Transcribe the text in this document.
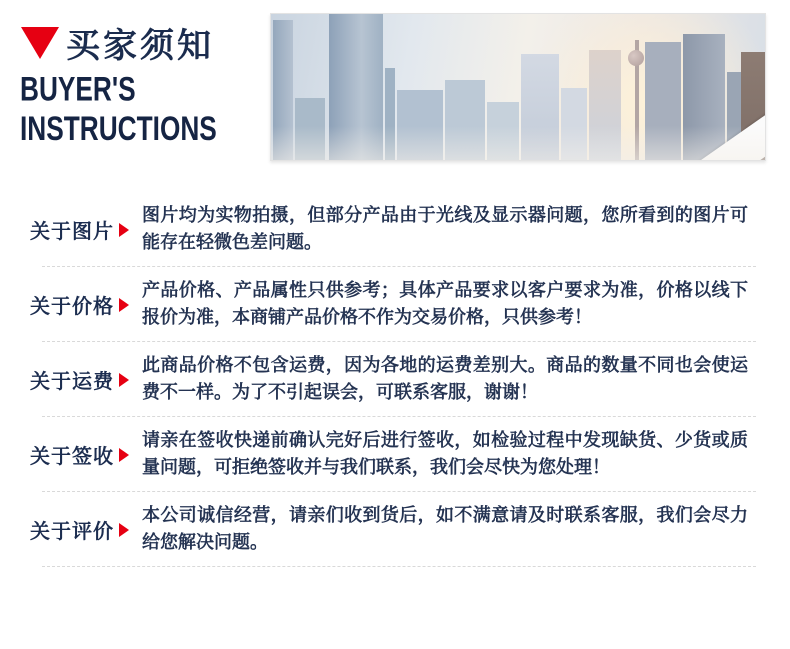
买家须知
BUYER'S
INSTRUCTIONS
关于图片
图片均为实物拍摄，但部分产品由于光线及显示器问题，您所看到的图片可能存在轻微色差问题。
关于价格
产品价格、产品属性只供参考；具体产品要求以客户要求为准，价格以线下报价为准，本商铺产品价格不作为交易价格，只供参考！
关于运费
此商品价格不包含运费，因为各地的运费差别大。商品的数量不同也会使运费不一样。为了不引起误会，可联系客服，谢谢！
关于签收
请亲在签收快递前确认完好后进行签收，如检验过程中发现缺货、少货或质量问题，可拒绝签收并与我们联系，我们会尽快为您处理！
关于评价
本公司诚信经营，请亲们收到货后，如不满意请及时联系客服，我们会尽力给您解决问题。
